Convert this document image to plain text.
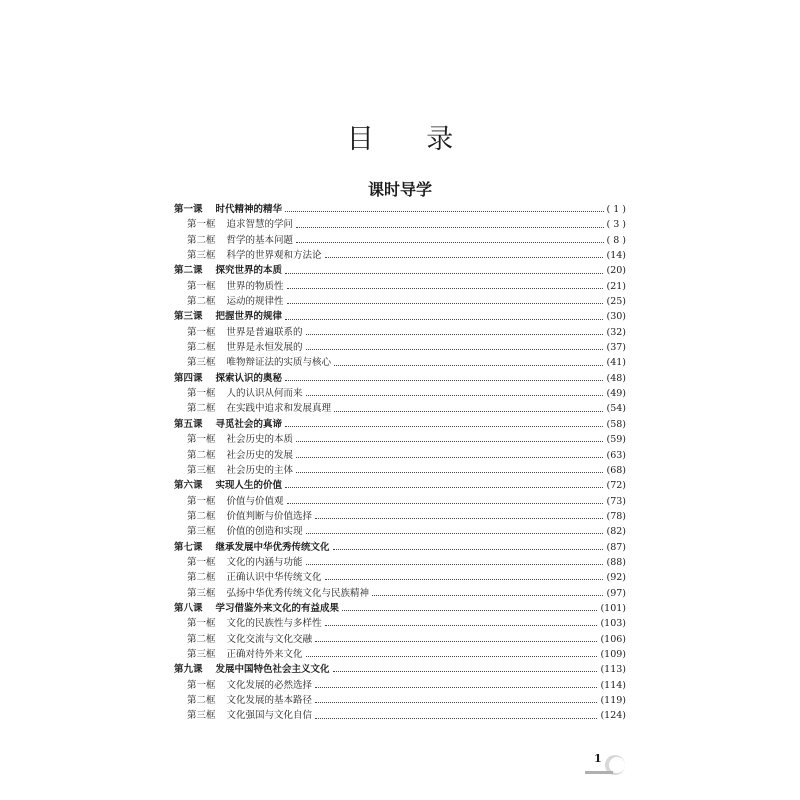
目 录
课时导学
第一课 时代精神的精华	( 1 )
第一框 追求智慧的学问	( 3 )
第二框 哲学的基本问题	( 8 )
第三框 科学的世界观和方法论	(14)
第二课 探究世界的本质	(20)
第一框 世界的物质性	(21)
第二框 运动的规律性	(25)
第三课 把握世界的规律	(30)
第一框 世界是普遍联系的	(32)
第二框 世界是永恒发展的	(37)
第三框 唯物辩证法的实质与核心	(41)
第四课 探索认识的奥秘	(48)
第一框 人的认识从何而来	(49)
第二框 在实践中追求和发展真理	(54)
第五课 寻觅社会的真谛	(58)
第一框 社会历史的本质	(59)
第二框 社会历史的发展	(63)
第三框 社会历史的主体	(68)
第六课 实现人生的价值	(72)
第一框 价值与价值观	(73)
第二框 价值判断与价值选择	(78)
第三框 价值的创造和实现	(82)
第七课 继承发展中华优秀传统文化	(87)
第一框 文化的内涵与功能	(88)
第二框 正确认识中华传统文化	(92)
第三框 弘扬中华优秀传统文化与民族精神	(97)
第八课 学习借鉴外来文化的有益成果	(101)
第一框 文化的民族性与多样性	(103)
第二框 文化交流与文化交融	(106)
第三框 正确对待外来文化	(109)
第九课 发展中国特色社会主义文化	(113)
第一框 文化发展的必然选择	(114)
第二框 文化发展的基本路径	(119)
第三框 文化强国与文化自信	(124)
1
